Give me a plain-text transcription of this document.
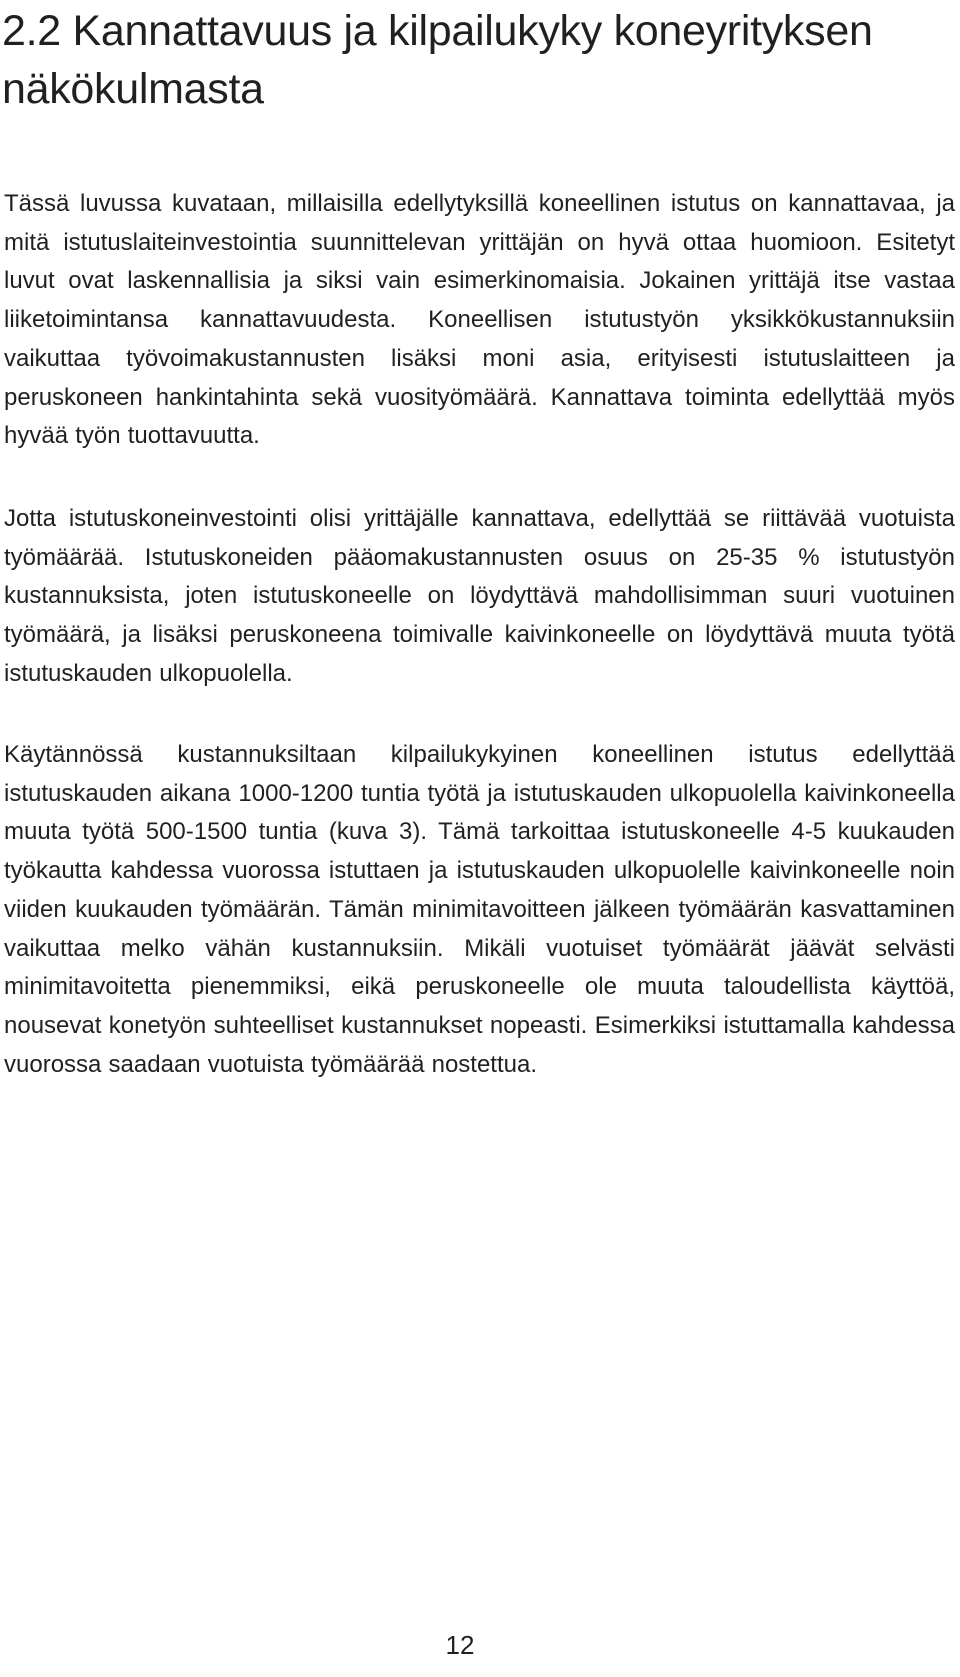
2.2 Kannattavuus ja kilpailukyky koneyrityksen näkökulmasta

Tässä luvussa kuvataan, millaisilla edellytyksillä koneellinen istutus on kannattavaa, ja mitä istutuslaiteinvestointia suunnittelevan yrittäjän on hyvä ottaa huomioon. Esitetyt luvut ovat laskennallisia ja siksi vain esimerkinomaisia. Jokainen yrittäjä itse vastaa liiketoimintansa kannattavuudesta. Koneellisen istutustyön yksikkökustannuksiin vaikuttaa työvoimakustannusten lisäksi moni asia, erityisesti istutuslaitteen ja peruskoneen hankintahinta sekä vuosityömäärä. Kannattava toiminta edellyttää myös hyvää työn tuottavuutta.

Jotta istutuskoneinvestointi olisi yrittäjälle kannattava, edellyttää se riittävää vuotuista työmäärää. Istutuskoneiden pääomakustannusten osuus on 25-35 % istutustyön kustannuksista, joten istutuskoneelle on löydyttävä mahdollisimman suuri vuotuinen työmäärä, ja lisäksi peruskoneena toimivalle kaivinkoneelle on löydyttävä muuta työtä istutuskauden ulkopuolella.

Käytännössä kustannuksiltaan kilpailukykyinen koneellinen istutus edellyttää istutuskauden aikana 1000-1200 tuntia työtä ja istutuskauden ulkopuolella kaivinkoneella muuta työtä 500-1500 tuntia (kuva 3). Tämä tarkoittaa istutuskoneelle 4-5 kuukauden työkautta kahdessa vuorossa istuttaen ja istutuskauden ulkopuolelle kaivinkoneelle noin viiden kuukauden työmäärän. Tämän minimitavoitteen jälkeen työmäärän kasvattaminen vaikuttaa melko vähän kustannuksiin. Mikäli vuotuiset työmäärät jäävät selvästi minimitavoitetta pienemmiksi, eikä peruskoneelle ole muuta taloudellista käyttöä, nousevat konetyön suhteelliset kustannukset nopeasti. Esimerkiksi istuttamalla kahdessa vuorossa saadaan vuotuista työmäärää nostettua.

12
